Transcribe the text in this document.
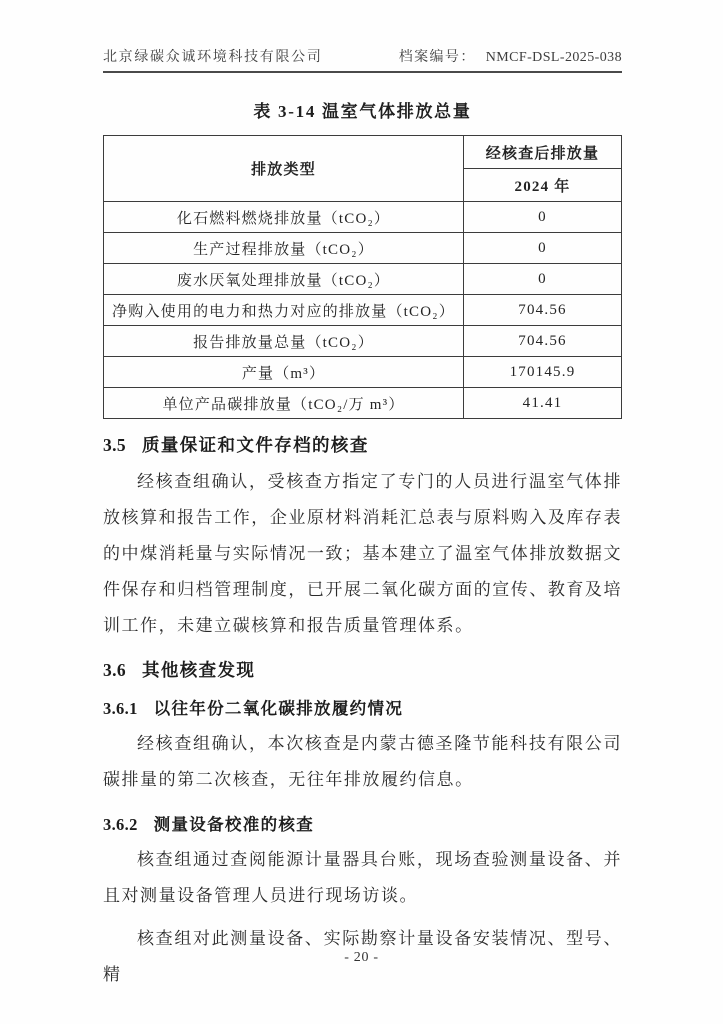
北京绿碳众诚环境科技有限公司	档案编号： NMCF-DSL-2025-038
表 3-14 温室气体排放总量
排放类型	经核查后排放量
	2024 年
化石燃料燃烧排放量（tCO₂）	0
生产过程排放量（tCO₂）	0
废水厌氧处理排放量（tCO₂）	0
净购入使用的电力和热力对应的排放量（tCO₂）	704.56
报告排放量总量（tCO₂）	704.56
产量（m³）	170145.9
单位产品碳排放量（tCO₂/万 m³）	41.41
3.5 质量保证和文件存档的核查

经核查组确认，受核查方指定了专门的人员进行温室气体排放核算和报告工作，企业原材料消耗汇总表与原料购入及库存表的中煤消耗量与实际情况一致；基本建立了温室气体排放数据文件保存和归档管理制度，已开展二氧化碳方面的宣传、教育及培训工作，未建立碳核算和报告质量管理体系。

3.6 其他核查发现
3.6.1 以往年份二氧化碳排放履约情况

经核查组确认，本次核查是内蒙古德圣隆节能科技有限公司碳排量的第二次核查，无往年排放履约信息。

3.6.2 测量设备校准的核查

核查组通过查阅能源计量器具台账，现场查验测量设备、并且对测量设备管理人员进行现场访谈。

核查组对此测量设备、实际勘察计量设备安装情况、型号、精

- 20 -
